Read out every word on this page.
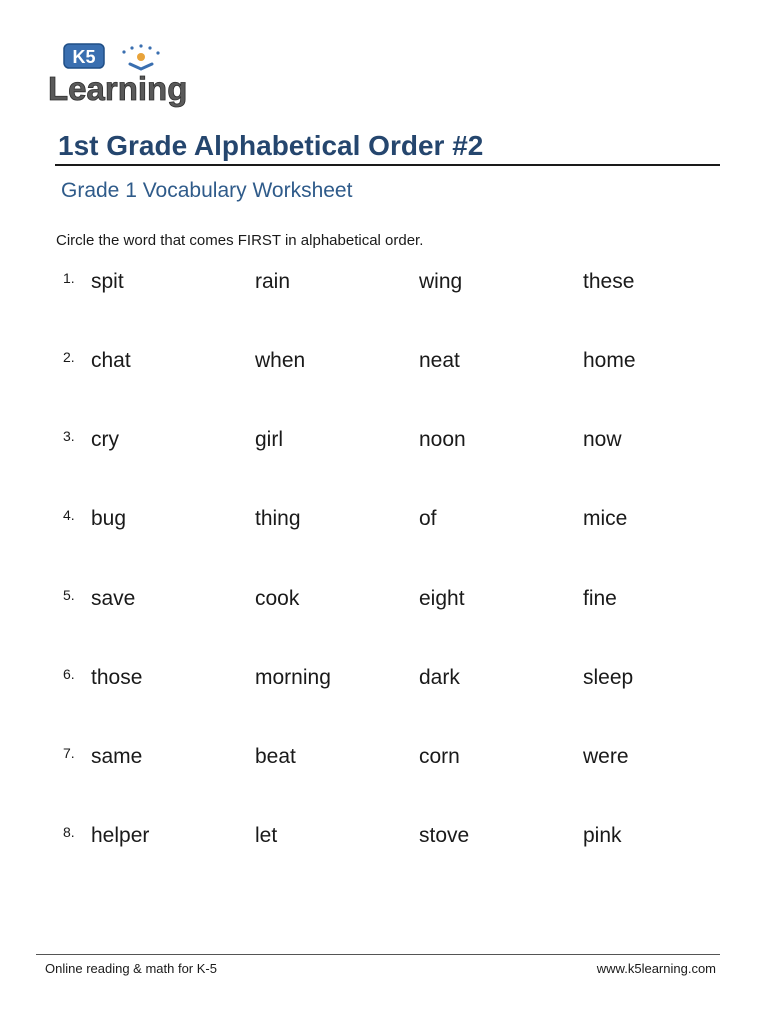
K5
Learning
1st Grade Alphabetical Order #2
Grade 1 Vocabulary Worksheet
Circle the word that comes FIRST in alphabetical order.
1. spit	rain	wing	these
2. chat	when	neat	home
3. cry	girl	noon	now
4. bug	thing	of	mice
5. save	cook	eight	fine
6. those	morning	dark	sleep
7. same	beat	corn	were
8. helper	let	stove	pink
Online reading & math for K-5	www.k5learning.com
